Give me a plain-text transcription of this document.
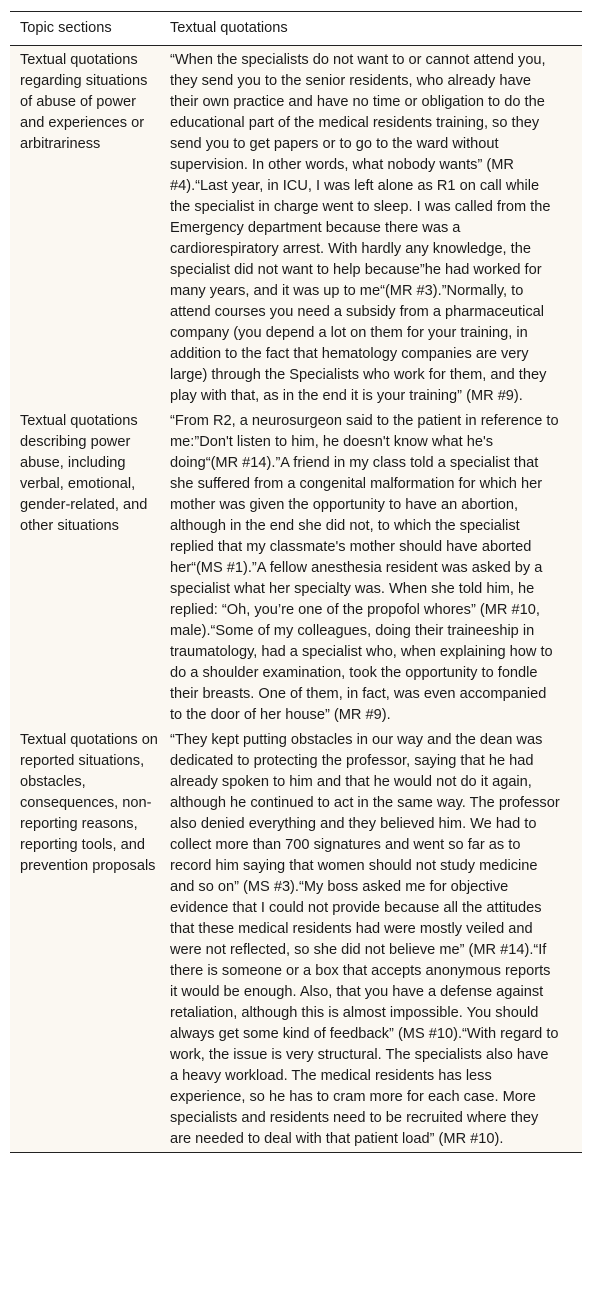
Topic sections	Textual quotations
Textual quotations regarding situations of abuse of power and experiences or arbitrariness	“When the specialists do not want to or cannot attend you, they send you to the senior residents, who already have their own practice and have no time or obligation to do the educational part of the medical residents training, so they send you to get papers or to go to the ward without supervision. In other words, what nobody wants” (MR #4).“Last year, in ICU, I was left alone as R1 on call while the specialist in charge went to sleep. I was called from the Emergency department because there was a cardiorespiratory arrest. With hardly any knowledge, the specialist did not want to help because”he had worked for many years, and it was up to me“(MR #3).”Normally, to attend courses you need a subsidy from a pharmaceutical company (you depend a lot on them for your training, in addition to the fact that hematology companies are very large) through the Specialists who work for them, and they play with that, as in the end it is your training” (MR #9).
Textual quotations describing power abuse, including verbal, emotional, gender-related, and other situations	“From R2, a neurosurgeon said to the patient in reference to me:”Don't listen to him, he doesn't know what he's doing“(MR #14).”A friend in my class told a specialist that she suffered from a congenital malformation for which her mother was given the opportunity to have an abortion, although in the end she did not, to which the specialist replied that my classmate's mother should have aborted her“(MS #1).”A fellow anesthesia resident was asked by a specialist what her specialty was. When she told him, he replied: “Oh, you’re one of the propofol whores” (MR #10, male).“Some of my colleagues, doing their traineeship in traumatology, had a specialist who, when explaining how to do a shoulder examination, took the opportunity to fondle their breasts. One of them, in fact, was even accompanied to the door of her house” (MR #9).
Textual quotations on reported situations, obstacles, consequences, non-reporting reasons, reporting tools, and prevention proposals	“They kept putting obstacles in our way and the dean was dedicated to protecting the professor, saying that he had already spoken to him and that he would not do it again, although he continued to act in the same way. The professor also denied everything and they believed him. We had to collect more than 700 signatures and went so far as to record him saying that women should not study medicine and so on” (MS #3).“My boss asked me for objective evidence that I could not provide because all the attitudes that these medical residents had were mostly veiled and were not reflected, so she did not believe me” (MR #14).“If there is someone or a box that accepts anonymous reports it would be enough. Also, that you have a defense against retaliation, although this is almost impossible. You should always get some kind of feedback” (MS #10).“With regard to work, the issue is very structural. The specialists also have a heavy workload. The medical residents has less experience, so he has to cram more for each case. More specialists and residents need to be recruited where they are needed to deal with that patient load” (MR #10).
